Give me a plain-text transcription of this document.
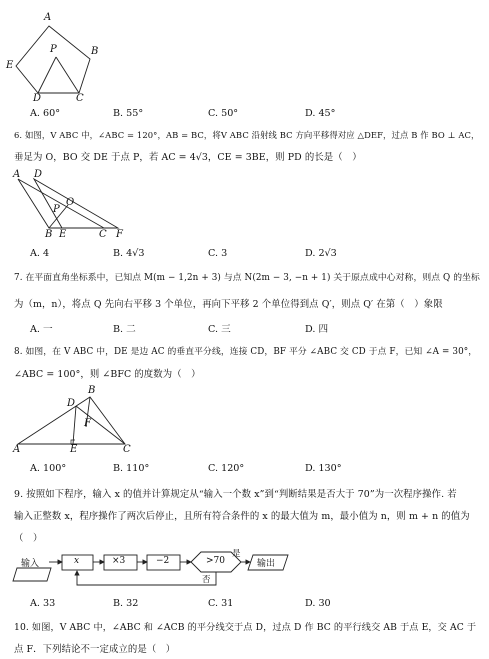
A
P	B
E
D	C
A. 60°	B. 55°	C. 50°	D. 45°
6. 如图，V ABC 中，∠ABC = 120°，AB = BC，将V ABC 沿射线 BC 方向平移得对应 △DEF，过点 B 作 BO ⊥ AC，
垂足为 O，BO 交 DE 于点 P，若 AC = 4√3，CE = 3BE，则 PD 的长是（　）
A D
O
P
B E	C F
A. 4	B. 4√3	C. 3	D. 2√3
7. 在平面直角坐标系中，已知点 M(m − 1,2n + 3) 与点 N(2m − 3, −n + 1) 关于原点成中心对称，则点 Q 的坐标
为（m，n），将点 Q 先向右平移 3 个单位，再向下平移 2 个单位得到点 Q′，则点 Q′ 在第（　）象限
A. 一	B. 二	C. 三	D. 四
8. 如图，在 V ABC 中，DE 是边 AC 的垂直平分线，连接 CD，BF 平分 ∠ABC 交 CD 于点 F，已知 ∠A = 30°，
∠ABC = 100°，则 ∠BFC 的度数为（　）
B
D
F
A	E	C
A. 100°	B. 110°	C. 120°	D. 130°
9. 按照如下程序，输入 x 的值并计算规定从“输入一个数 x”到“判断结果是否大于 70”为一次程序操作. 若
输入正整数 x，程序操作了两次后停止，且所有符合条件的 x 的最大值为 m，最小值为 n，则 m + n 的值为
（　）
输入	x	×3	−2	>70
是
否
输出
A. 33	B. 32	C. 31	D. 30
10. 如图，V ABC 中，∠ABC 和 ∠ACB 的平分线交于点 D，过点 D 作 BC 的平行线交 AB 于点 E，交 AC 于
点 F．下列结论不一定成立的是（　）
